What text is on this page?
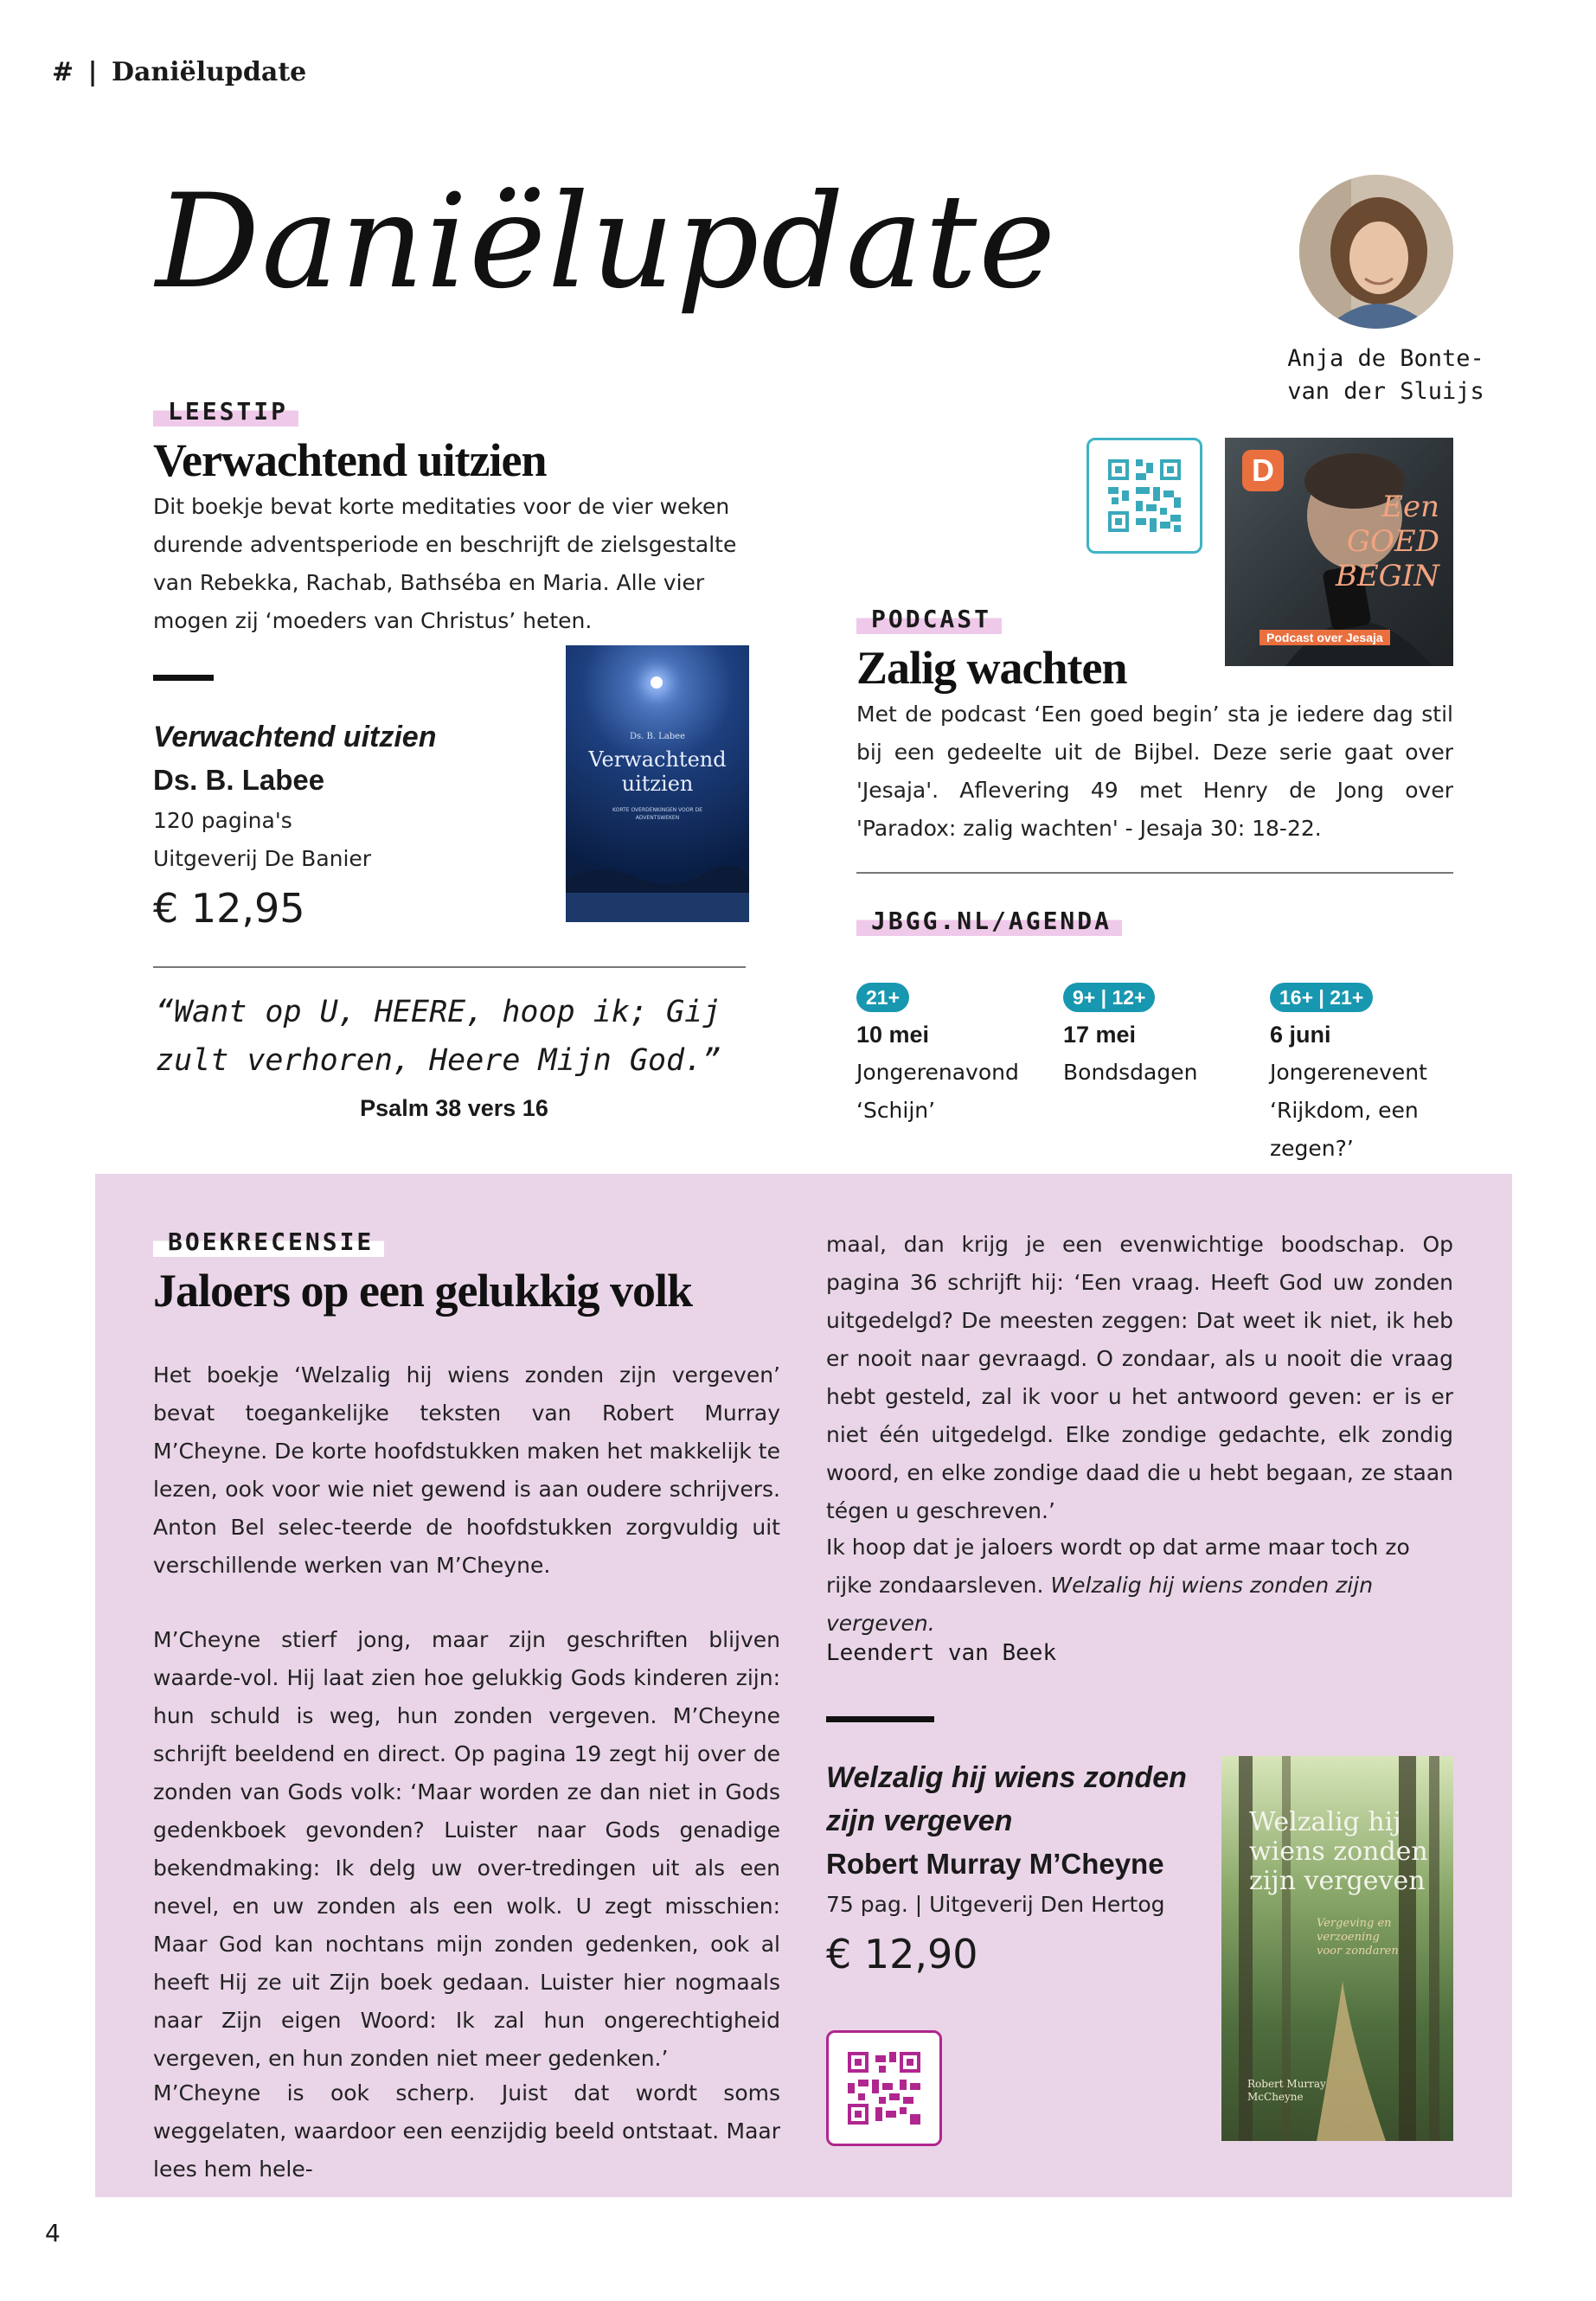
# | Daniëlupdate
Daniëlupdate
Anja de Bonte-
van der Sluijs
LEESTIP
Verwachtend uitzien
Dit boekje bevat korte meditaties voor de vier weken durende adventsperiode en beschrijft de zielsgestalte van Rebekka, Rachab, Bathséba en Maria. Alle vier mogen zij ‘moeders van Christus’ heten.
Verwachtend uitzien
Ds. B. Labee
120 pagina's
Uitgeverij De Banier
€ 12,95
Ds. B. Labee
Verwachtend
uitzien
KORTE OVERDENKINGEN VOOR DE ADVENTSWEKEN
“Want op U, HEERE, hoop ik; Gij zult verhoren, Heere Mijn God.”
Psalm 38 vers 16
D
Een
GOED
BEGIN
Podcast over Jesaja
PODCAST
Zalig wachten
Met de podcast ‘Een goed begin’ sta je iedere dag stil bij een gedeelte uit de Bijbel. Deze serie gaat over 'Jesaja'. Aflevering 49 met Henry de Jong over 'Paradox: zalig wachten' - Jesaja 30: 18-22.
JBGG.NL/AGENDA
21+
10 mei
Jongerenavond
‘Schijn’
9+ | 12+
17 mei
Bondsdagen
16+ | 21+
6 juni
Jongerenevent
‘Rijkdom, een
zegen?’
BOEKRECENSIE
Jaloers op een gelukkig volk
Het boekje ‘Welzalig hij wiens zonden zijn vergeven’ bevat toegankelijke teksten van Robert Murray M’Cheyne. De korte hoofdstukken maken het makkelijk te lezen, ook voor wie niet gewend is aan oudere schrijvers. Anton Bel selec-teerde de hoofdstukken zorgvuldig uit verschillende werken van M’Cheyne.
M’Cheyne stierf jong, maar zijn geschriften blijven waarde-vol. Hij laat zien hoe gelukkig Gods kinderen zijn: hun schuld is weg, hun zonden vergeven. M’Cheyne schrijft beeldend en direct. Op pagina 19 zegt hij over de zonden van Gods volk: ‘Maar worden ze dan niet in Gods gedenkboek gevonden? Luister naar Gods genadige bekendmaking: Ik delg uw over-tredingen uit als een nevel, en uw zonden als een wolk. U zegt misschien: Maar God kan nochtans mijn zonden gedenken, ook al heeft Hij ze uit Zijn boek gedaan. Luister hier nogmaals naar Zijn eigen Woord: Ik zal hun ongerechtigheid vergeven, en hun zonden niet meer gedenken.’
M’Cheyne is ook scherp. Juist dat wordt soms weggelaten, waardoor een eenzijdig beeld ontstaat. Maar lees hem hele-
maal, dan krijg je een evenwichtige boodschap. Op pagina 36 schrijft hij: ‘Een vraag. Heeft God uw zonden uitgedelgd? De meesten zeggen: Dat weet ik niet, ik heb er nooit naar gevraagd. O zondaar, als u nooit die vraag hebt gesteld, zal ik voor u het antwoord geven: er is er niet één uitgedelgd. Elke zondige gedachte, elk zondig woord, en elke zondige daad die u hebt begaan, ze staan tégen u geschreven.’
Ik hoop dat je jaloers wordt op dat arme maar toch zo rijke zondaarsleven. Welzalig hij wiens zonden zijn vergeven.
Leendert van Beek
Welzalig hij wiens zonden
zijn vergeven
Robert Murray M’Cheyne
75 pag. | Uitgeverij Den Hertog
€ 12,90
Welzalig hij
wiens zonden
zijn vergeven
Vergeving en
verzoening
voor zondaren
Robert Murray
McCheyne
4
